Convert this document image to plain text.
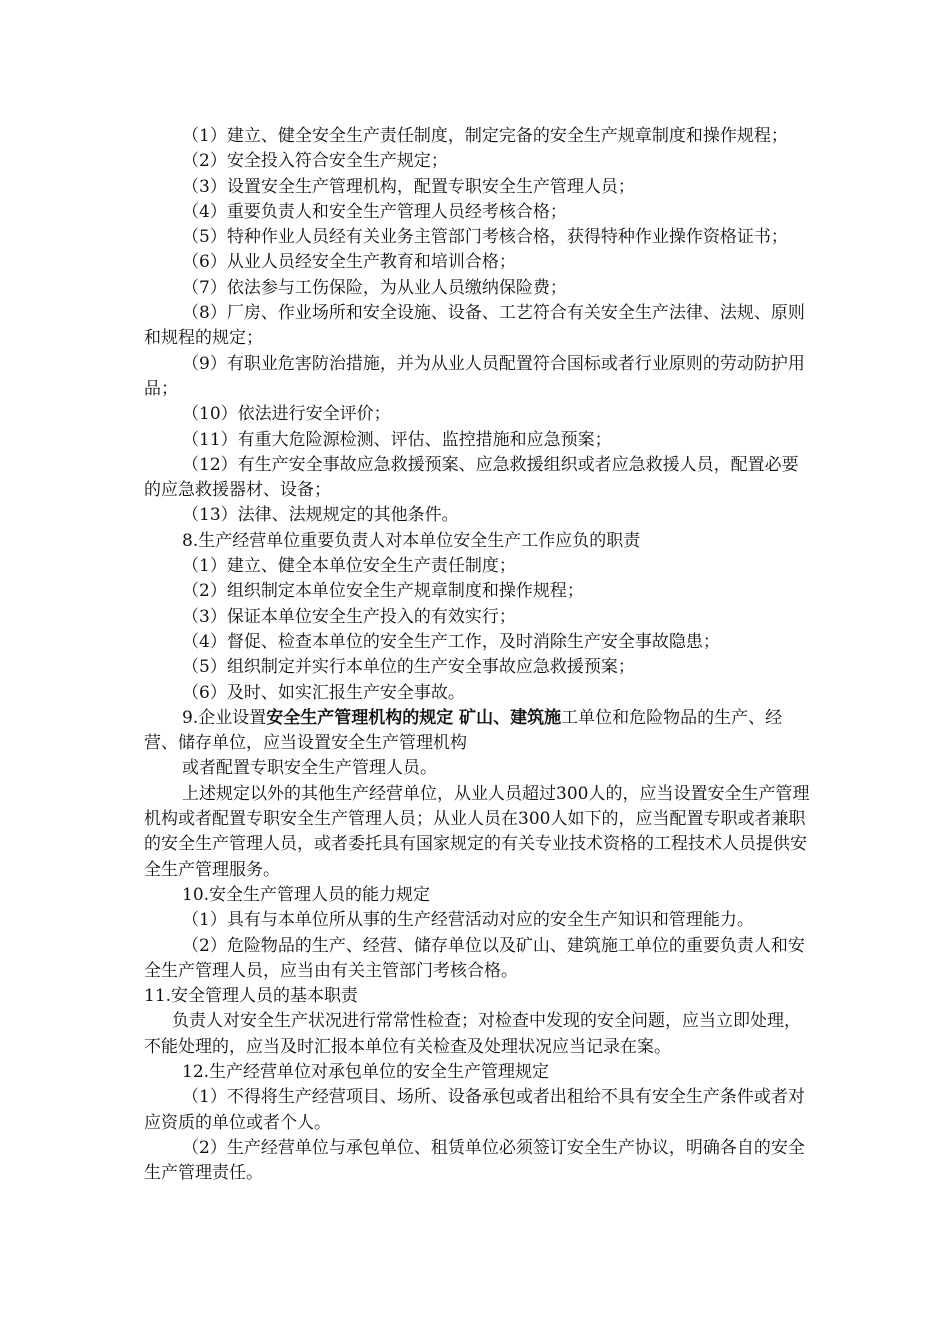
（1）建立、健全安全生产责任制度，制定完备的安全生产规章制度和操作规程；

（2）安全投入符合安全生产规定；

（3）设置安全生产管理机构，配置专职安全生产管理人员；

（4）重要负责人和安全生产管理人员经考核合格；

（5）特种作业人员经有关业务主管部门考核合格，获得特种作业操作资格证书；

（6）从业人员经安全生产教育和培训合格；

（7）依法参与工伤保险，为从业人员缴纳保险费；

（8）厂房、作业场所和安全设施、设备、工艺符合有关安全生产法律、法规、原则和规程的规定；

（9）有职业危害防治措施，并为从业人员配置符合国标或者行业原则的劳动防护用品；

（10）依法进行安全评价；

（11）有重大危险源检测、评估、监控措施和应急预案；

（12）有生产安全事故应急救援预案、应急救援组织或者应急救援人员，配置必要的应急救援器材、设备；

（13）法律、法规规定的其他条件。

8.生产经营单位重要负责人对本单位安全生产工作应负的职责

（1）建立、健全本单位安全生产责任制度；

（2）组织制定本单位安全生产规章制度和操作规程；

（3）保证本单位安全生产投入的有效实行；

（4）督促、检查本单位的安全生产工作，及时消除生产安全事故隐患；

（5）组织制定并实行本单位的生产安全事故应急救援预案；

（6）及时、如实汇报生产安全事故。

9.企业设置安全生产管理机构的规定 矿山、建筑施工单位和危险物品的生产、经营、储存单位，应当设置安全生产管理机构

或者配置专职安全生产管理人员。

上述规定以外的其他生产经营单位，从业人员超过300人的，应当设置安全生产管理机构或者配置专职安全生产管理人员；从业人员在300人如下的，应当配置专职或者兼职的安全生产管理人员，或者委托具有国家规定的有关专业技术资格的工程技术人员提供安全生产管理服务。

10.安全生产管理人员的能力规定

（1）具有与本单位所从事的生产经营活动对应的安全生产知识和管理能力。

（2）危险物品的生产、经营、储存单位以及矿山、建筑施工单位的重要负责人和安全生产管理人员，应当由有关主管部门考核合格。

11.安全管理人员的基本职责

负责人对安全生产状况进行常常性检查；对检查中发现的安全问题，应当立即处理，不能处理的，应当及时汇报本单位有关检查及处理状况应当记录在案。

12.生产经营单位对承包单位的安全生产管理规定

（1）不得将生产经营项目、场所、设备承包或者出租给不具有安全生产条件或者对应资质的单位或者个人。

（2）生产经营单位与承包单位、租赁单位必须签订安全生产协议，明确各自的安全生产管理责任。
